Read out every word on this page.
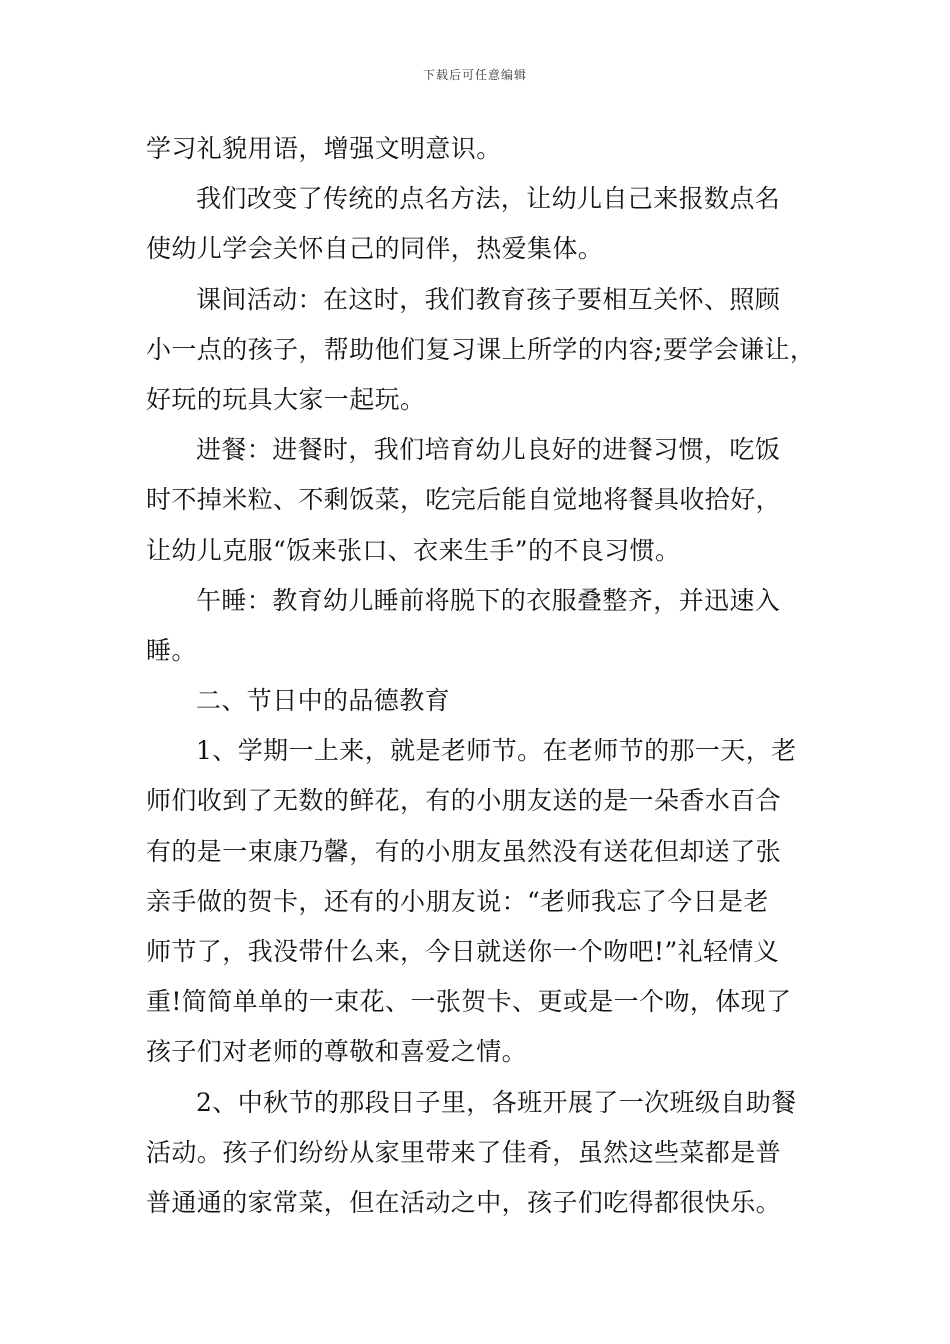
下载后可任意编辑
学习礼貌用语，增强文明意识。
我们改变了传统的点名方法，让幼儿自己来报数点名
使幼儿学会关怀自己的同伴，热爱集体。
课间活动：在这时，我们教育孩子要相互关怀、照顾
小一点的孩子，帮助他们复习课上所学的内容;要学会谦让，
好玩的玩具大家一起玩。
进餐：进餐时，我们培育幼儿良好的进餐习惯，吃饭
时不掉米粒、不剩饭菜，吃完后能自觉地将餐具收拾好，
让幼儿克服“饭来张口、衣来生手”的不良习惯。
午睡：教育幼儿睡前将脱下的衣服叠整齐，并迅速入
睡。
二、节日中的品德教育
1、学期一上来，就是老师节。在老师节的那一天，老
师们收到了无数的鲜花，有的小朋友送的是一朵香水百合
有的是一束康乃馨，有的小朋友虽然没有送花但却送了张
亲手做的贺卡，还有的小朋友说：“老师我忘了今日是老
师节了，我没带什么来，今日就送你一个吻吧!”礼轻情义
重!简简单单的一束花、一张贺卡、更或是一个吻，体现了
孩子们对老师的尊敬和喜爱之情。
2、中秋节的那段日子里，各班开展了一次班级自助餐
活动。孩子们纷纷从家里带来了佳肴，虽然这些菜都是普
普通通的家常菜，但在活动之中，孩子们吃得都很快乐。
